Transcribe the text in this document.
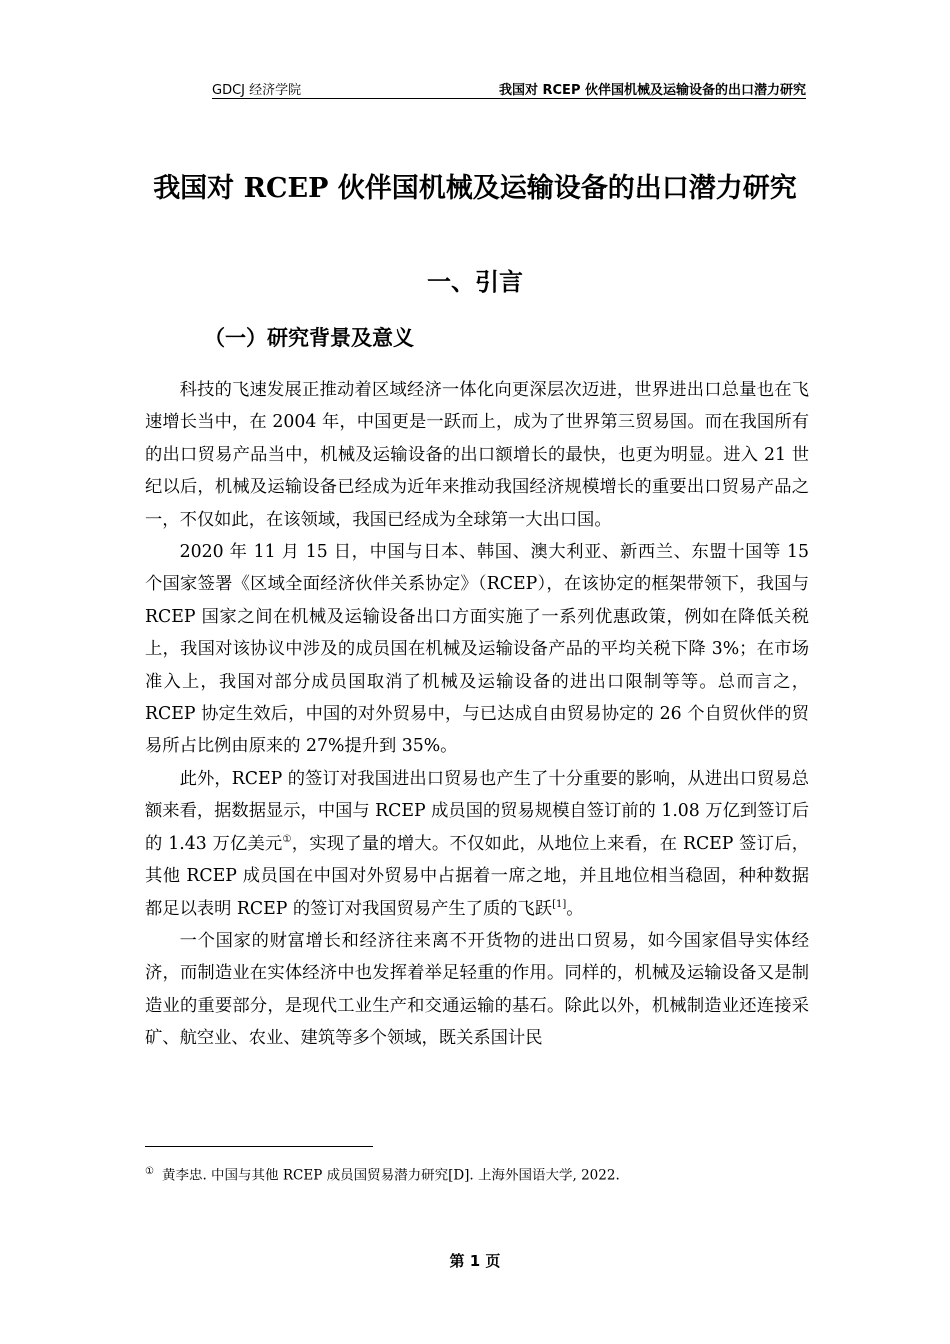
GDCJ 经济学院	我国对 RCEP 伙伴国机械及运输设备的出口潜力研究
我国对 RCEP 伙伴国机械及运输设备的出口潜力研究
一、引言
（一）研究背景及意义

科技的飞速发展正推动着区域经济一体化向更深层次迈进，世界进出口总量也在飞速增长当中，在 2004 年，中国更是一跃而上，成为了世界第三贸易国。而在我国所有的出口贸易产品当中，机械及运输设备的出口额增长的最快，也更为明显。进入 21 世纪以后，机械及运输设备已经成为近年来推动我国经济规模增长的重要出口贸易产品之一，不仅如此，在该领域，我国已经成为全球第一大出口国。

2020 年 11 月 15 日，中国与日本、韩国、澳大利亚、新西兰、东盟十国等 15 个国家签署《区域全面经济伙伴关系协定》（RCEP），在该协定的框架带领下，我国与 RCEP 国家之间在机械及运输设备出口方面实施了一系列优惠政策，例如在降低关税上，我国对该协议中涉及的成员国在机械及运输设备产品的平均关税下降 3%；在市场准入上，我国对部分成员国取消了机械及运输设备的进出口限制等等。总而言之，RCEP 协定生效后，中国的对外贸易中，与已达成自由贸易协定的 26 个自贸伙伴的贸易所占比例由原来的 27%提升到 35%。

此外，RCEP 的签订对我国进出口贸易也产生了十分重要的影响，从进出口贸易总额来看，据数据显示，中国与 RCEP 成员国的贸易规模自签订前的 1.08 万亿到签订后的 1.43 万亿美元①，实现了量的增大。不仅如此，从地位上来看，在 RCEP 签订后，其他 RCEP 成员国在中国对外贸易中占据着一席之地，并且地位相当稳固，种种数据都足以表明 RCEP 的签订对我国贸易产生了质的飞跃[1]。

一个国家的财富增长和经济往来离不开货物的进出口贸易，如今国家倡导实体经济，而制造业在实体经济中也发挥着举足轻重的作用。同样的，机械及运输设备又是制造业的重要部分，是现代工业生产和交通运输的基石。除此以外，机械制造业还连接采矿、航空业、农业、建筑等多个领域，既关系国计民

① 黄李忠. 中国与其他 RCEP 成员国贸易潜力研究[D]. 上海外国语大学, 2022.
第 1 页
